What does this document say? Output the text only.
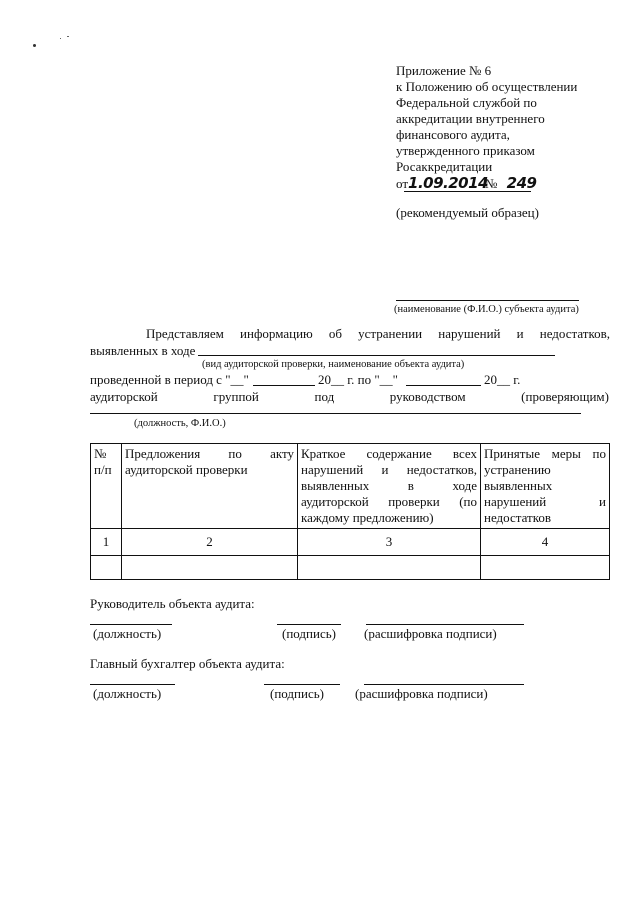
Приложение № 6
к Положению об осуществлении
Федеральной службой по
аккредитации внутреннего
финансового аудита,
утвержденного приказом
Росаккредитации
от1.09.2014№ 249
(рекомендуемый образец)
(наименование (Ф.И.О.) субъекта аудита)
Представляем информацию об устранении нарушений и недостатков,
выявленных в ходе
(вид аудиторской проверки, наименование объекта аудита)
проведенной в период с "__"	20__ г. по "__"	20__ г.
аудиторской	группой	под	руководством	(проверяющим)
(должность, Ф.И.О.)
№ п/п	Предложения по акту аудиторской проверки	Краткое содержание всех нарушений и недостатков, выявленных в ходе аудиторской проверки (по каждому предложению)	Принятые меры по устранению выявленных нарушений и недостатков
1	2	3	4

Руководитель объекта аудита:
(должность)	(подпись) (расшифровка подписи)
Главный бухгалтер объекта аудита:
(должность)	(подпись) (расшифровка подписи)
